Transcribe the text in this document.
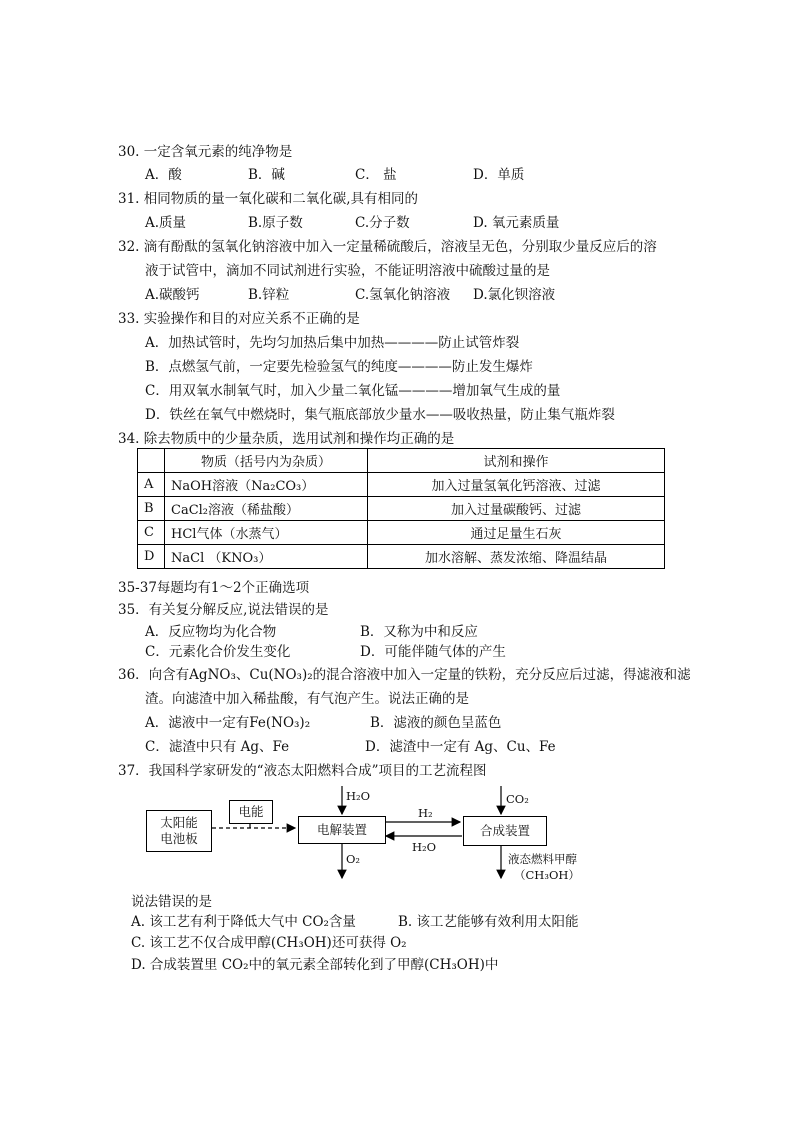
30. 一定含氧元素的纯净物是
A．酸	B．碱	C． 盐	D．单质
31. 相同物质的量一氧化碳和二氧化碳,具有相同的
A.质量	B.原子数	C.分子数	D. 氧元素质量
32. 滴有酚酞的氢氧化钠溶液中加入一定量稀硫酸后，溶液呈无色，分别取少量反应后的溶
液于试管中，滴加不同试剂进行实验，不能证明溶液中硫酸过量的是
A.碳酸钙	B.锌粒	C.氢氧化钠溶液 D.氯化钡溶液
33. 实验操作和目的对应关系不正确的是
A．加热试管时，先均匀加热后集中加热————防止试管炸裂
B．点燃氢气前，一定要先检验氢气的纯度————防止发生爆炸
C．用双氧水制氧气时，加入少量二氧化锰————增加氧气生成的量
D．铁丝在氧气中燃烧时，集气瓶底部放少量水——吸收热量，防止集气瓶炸裂
34. 除去物质中的少量杂质，选用试剂和操作均正确的是
	物质（括号内为杂质）	试剂和操作
A	NaOH溶液（Na₂CO₃）	加入过量氢氧化钙溶液、过滤
B	CaCl₂溶液（稀盐酸）	加入过量碳酸钙、过滤
C	HCl气体（水蒸气）	通过足量生石灰
D	NaCl （KNO₃）	加水溶解、蒸发浓缩、降温结晶
35-37每题均有1～2个正确选项
35．有关复分解反应,说法错误的是
A．反应物均为化合物	B．又称为中和反应
C．元素化合价发生变化	D．可能伴随气体的产生
36．向含有AgNO₃、Cu(NO₃)₂的混合溶液中加入一定量的铁粉，充分反应后过滤，得滤液和滤
渣。向滤渣中加入稀盐酸，有气泡产生。说法正确的是
A．滤液中一定有Fe(NO₃)₂	B．滤液的颜色呈蓝色
C．滤渣中只有 Ag、Fe	D．滤渣中一定有 Ag、Cu、Fe
37．我国科学家研发的“液态太阳燃料合成”项目的工艺流程图
太阳能
电池板
电能
电解装置	合成装置
H₂O
O₂
H₂
H₂O
CO₂
液态燃料甲醇
（CH₃OH）
说法错误的是
A. 该工艺有利于降低大气中 CO₂含量	B. 该工艺能够有效利用太阳能
C. 该工艺不仅合成甲醇(CH₃OH)还可获得 O₂
D. 合成装置里 CO₂中的氧元素全部转化到了甲醇(CH₃OH)中
